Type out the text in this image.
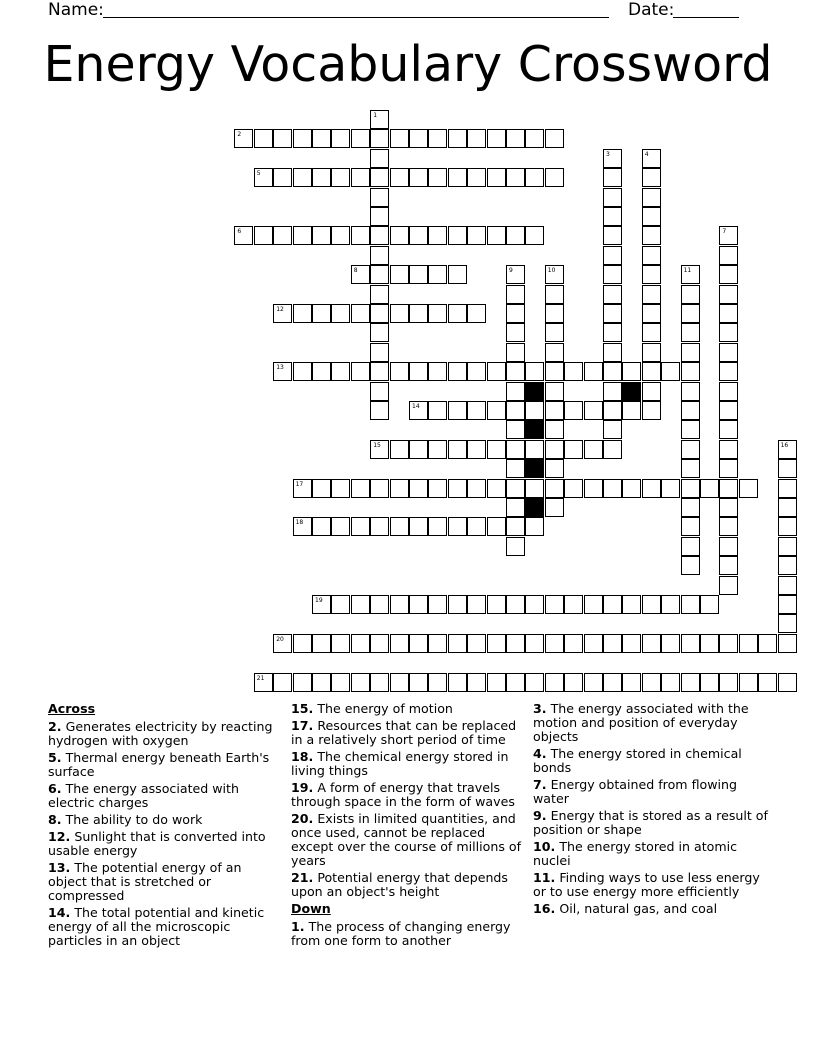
Name:	Date:
Energy Vocabulary Crossword
1
2
3	4
5
6	7
8	9	10	11
12
13
14
15	16
17
18
19
20
21
Across
2. Generates electricity by reacting hydrogen with oxygen
5. Thermal energy beneath Earth's surface
6. The energy associated with electric charges
8. The ability to do work
12. Sunlight that is converted into usable energy
13. The potential energy of an object that is stretched or compressed
14. The total potential and kinetic energy of all the microscopic particles in an object
15. The energy of motion
17. Resources that can be replaced in a relatively short period of time
18. The chemical energy stored in living things
19. A form of energy that travels through space in the form of waves
20. Exists in limited quantities, and once used, cannot be replaced except over the course of millions of years
21. Potential energy that depends upon an object's height
Down
1. The process of changing energy from one form to another
3. The energy associated with the motion and position of everyday objects
4. The energy stored in chemical bonds
7. Energy obtained from flowing water
9. Energy that is stored as a result of position or shape
10. The energy stored in atomic nuclei
11. Finding ways to use less energy or to use energy more efficiently
16. Oil, natural gas, and coal
